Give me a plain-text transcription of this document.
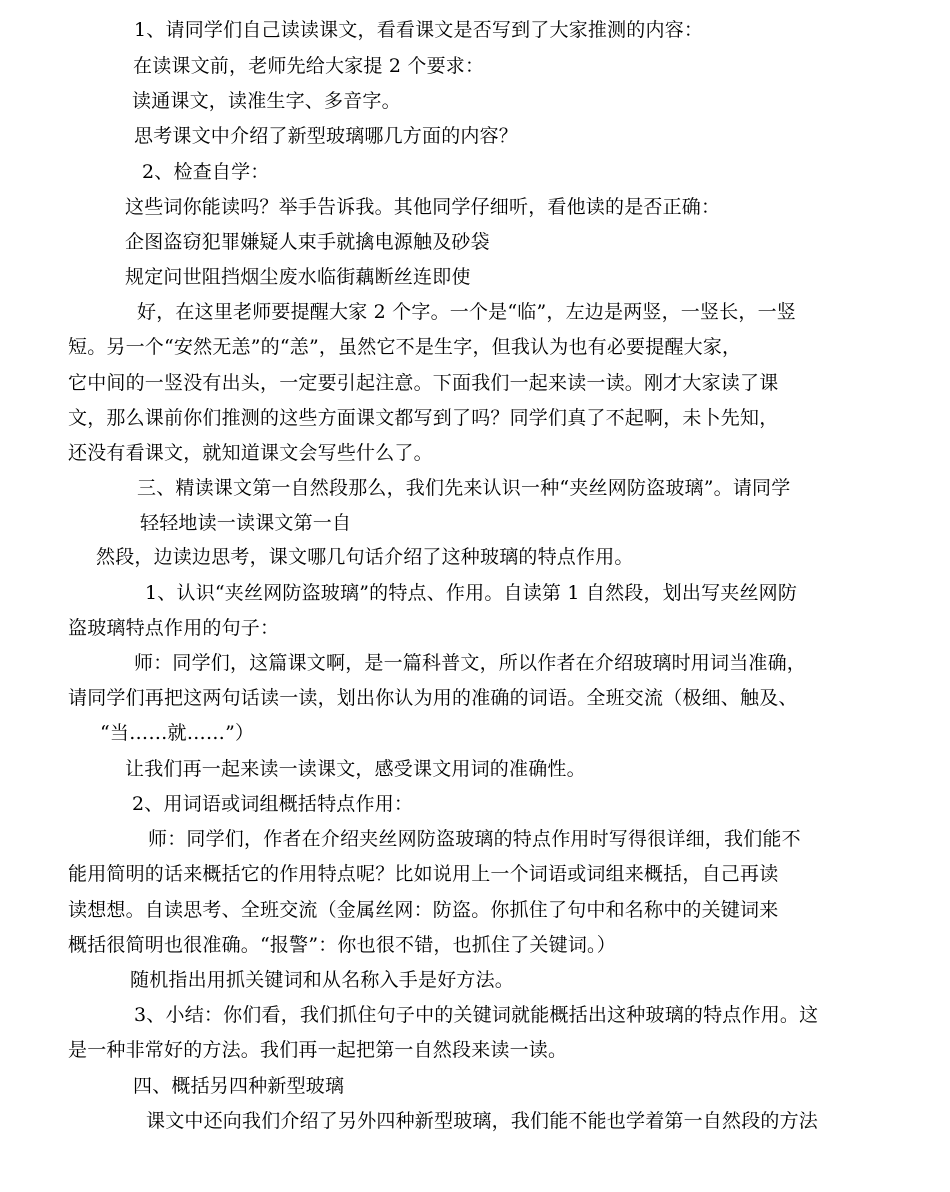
1、请同学们自己读读课文，看看课文是否写到了大家推测的内容：
在读课文前，老师先给大家提 2 个要求：
读通课文，读准生字、多音字。
思考课文中介绍了新型玻璃哪几方面的内容？
2、检查自学：
这些词你能读吗？举手告诉我。其他同学仔细听，看他读的是否正确：
企图盗窃犯罪嫌疑人束手就擒电源触及砂袋
规定问世阻挡烟尘废水临街藕断丝连即使
好，在这里老师要提醒大家 2 个字。一个是“临”，左边是两竖，一竖长，一竖
短。另一个“安然无恙”的“恙”，虽然它不是生字，但我认为也有必要提醒大家，
它中间的一竖没有出头，一定要引起注意。下面我们一起来读一读。刚才大家读了课
文，那么课前你们推测的这些方面课文都写到了吗？同学们真了不起啊，未卜先知，
还没有看课文，就知道课文会写些什么了。
三、精读课文第一自然段那么，我们先来认识一种“夹丝网防盗玻璃”。请同学
轻轻地读一读课文第一自
然段，边读边思考，课文哪几句话介绍了这种玻璃的特点作用。
1、认识“夹丝网防盗玻璃”的特点、作用。自读第 1 自然段，划出写夹丝网防
盗玻璃特点作用的句子：
师：同学们，这篇课文啊，是一篇科普文，所以作者在介绍玻璃时用词当准确，
请同学们再把这两句话读一读，划出你认为用的准确的词语。全班交流（极细、触及、
“当……就……”）
让我们再一起来读一读课文，感受课文用词的准确性。
2、用词语或词组概括特点作用：
师：同学们，作者在介绍夹丝网防盗玻璃的特点作用时写得很详细，我们能不
能用简明的话来概括它的作用特点呢？比如说用上一个词语或词组来概括，自己再读
读想想。自读思考、全班交流（金属丝网：防盗。你抓住了句中和名称中的关键词来
概括很简明也很准确。“报警”：你也很不错，也抓住了关键词。）
随机指出用抓关键词和从名称入手是好方法。
3、小结：你们看，我们抓住句子中的关键词就能概括出这种玻璃的特点作用。这
是一种非常好的方法。我们再一起把第一自然段来读一读。
四、概括另四种新型玻璃
课文中还向我们介绍了另外四种新型玻璃，我们能不能也学着第一自然段的方法
